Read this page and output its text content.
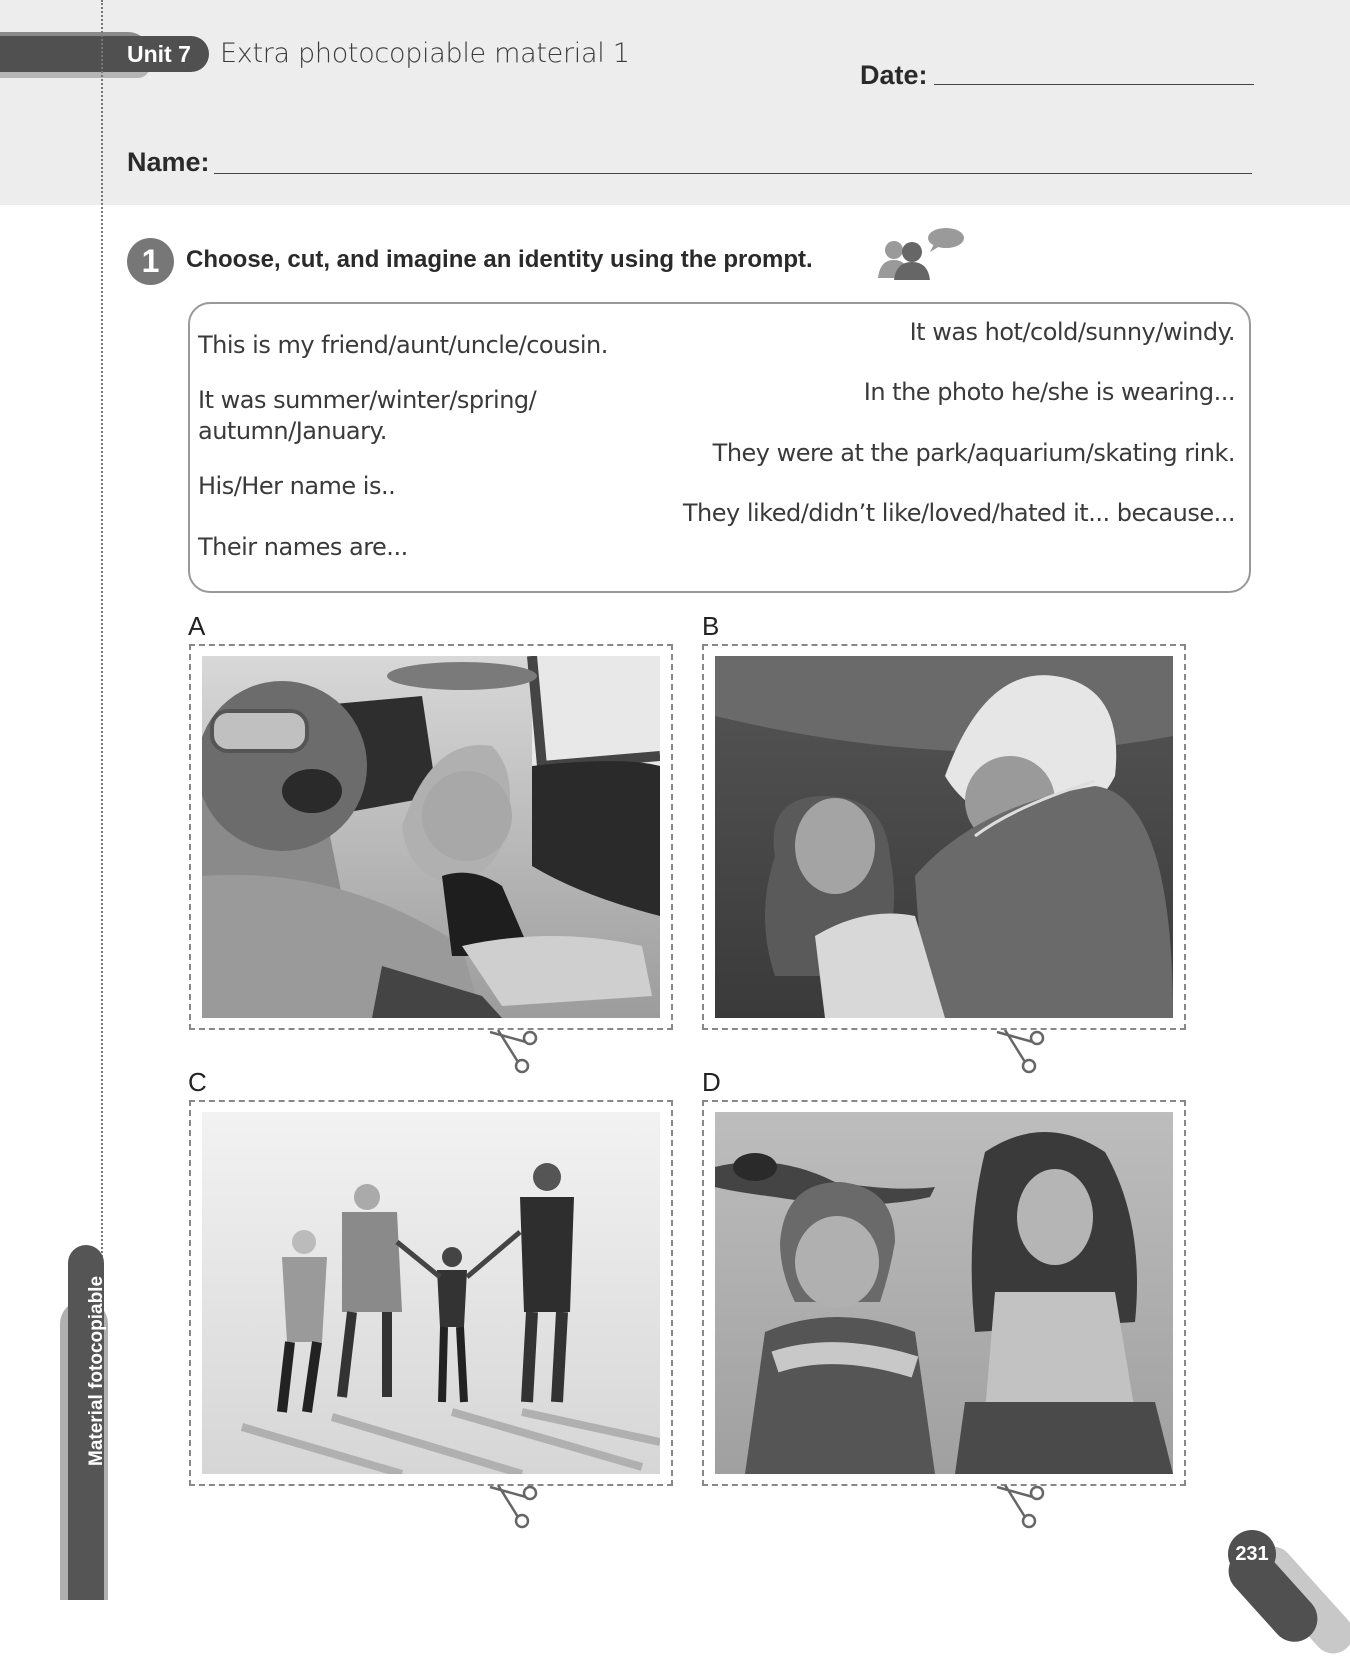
Unit 7	Extra photocopiable material 1
Date:
Name:
Material fotocopiable
1	Choose, cut, and imagine an identity using the prompt.
This is my friend/aunt/uncle/cousin.
It was summer/winter/spring/
autumn/January.
His/Her name is..
Their names are...
It was hot/cold/sunny/windy.
In the photo he/she is wearing...
They were at the park/aquarium/skating rink.
They liked/didn’t like/loved/hated it... because...
A	B
C	D
231
